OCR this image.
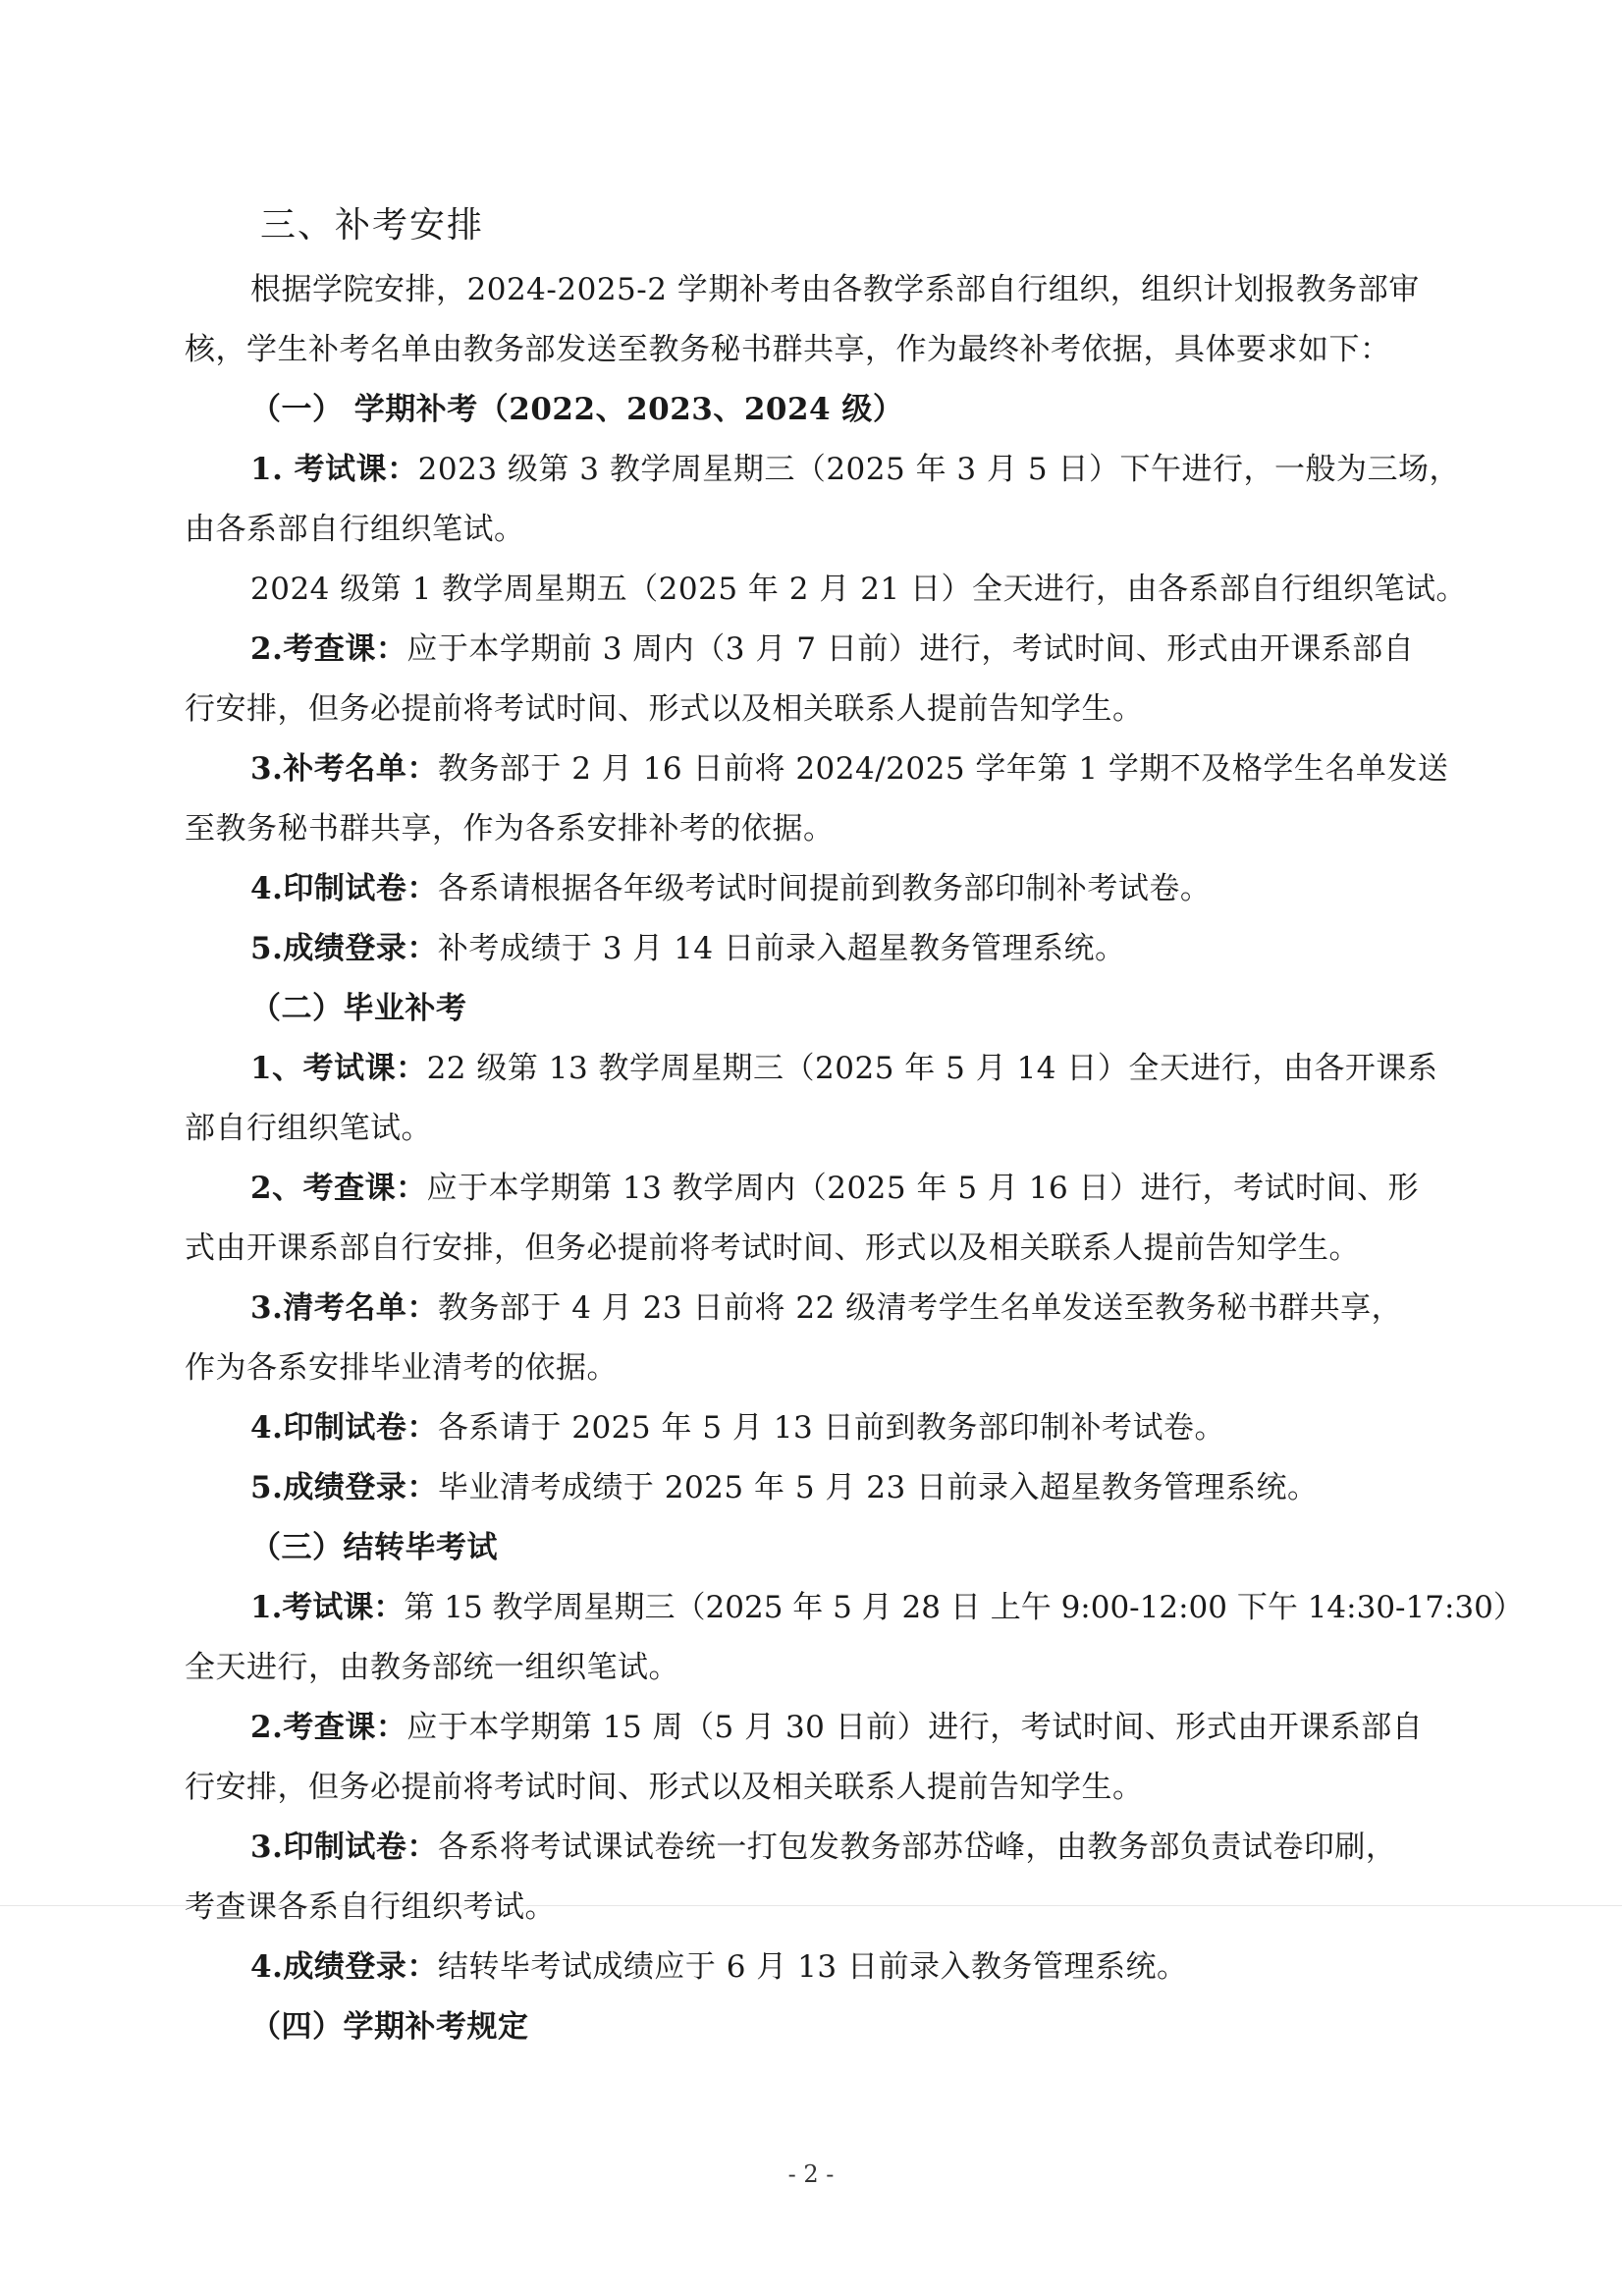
三、补考安排
根据学院安排，2024-2025-2 学期补考由各教学系部自行组织，组织计划报教务部审
核，学生补考名单由教务部发送至教务秘书群共享，作为最终补考依据，具体要求如下：
（一） 学期补考（2022、2023、2024 级）
1. 考试课：2023 级第 3 教学周星期三（2025 年 3 月 5 日）下午进行，一般为三场，
由各系部自行组织笔试。
2024 级第 1 教学周星期五（2025 年 2 月 21 日）全天进行，由各系部自行组织笔试。
2.考查课：应于本学期前 3 周内（3 月 7 日前）进行，考试时间、形式由开课系部自
行安排，但务必提前将考试时间、形式以及相关联系人提前告知学生。
3.补考名单：教务部于 2 月 16 日前将 2024/2025 学年第 1 学期不及格学生名单发送
至教务秘书群共享，作为各系安排补考的依据。
4.印制试卷：各系请根据各年级考试时间提前到教务部印制补考试卷。
5.成绩登录：补考成绩于 3 月 14 日前录入超星教务管理系统。
（二）毕业补考
1、考试课：22 级第 13 教学周星期三（2025 年 5 月 14 日）全天进行，由各开课系
部自行组织笔试。
2、考查课：应于本学期第 13 教学周内（2025 年 5 月 16 日）进行，考试时间、形
式由开课系部自行安排，但务必提前将考试时间、形式以及相关联系人提前告知学生。
3.清考名单：教务部于 4 月 23 日前将 22 级清考学生名单发送至教务秘书群共享，
作为各系安排毕业清考的依据。
4.印制试卷：各系请于 2025 年 5 月 13 日前到教务部印制补考试卷。
5.成绩登录：毕业清考成绩于 2025 年 5 月 23 日前录入超星教务管理系统。
（三）结转毕考试
1.考试课：第 15 教学周星期三（2025 年 5 月 28 日 上午 9:00-12:00 下午 14:30-17:30）
全天进行，由教务部统一组织笔试。
2.考查课：应于本学期第 15 周（5 月 30 日前）进行，考试时间、形式由开课系部自
行安排，但务必提前将考试时间、形式以及相关联系人提前告知学生。
3.印制试卷：各系将考试课试卷统一打包发教务部苏岱峰，由教务部负责试卷印刷，
考查课各系自行组织考试。
4.成绩登录：结转毕考试成绩应于 6 月 13 日前录入教务管理系统。
（四）学期补考规定
- 2 -
